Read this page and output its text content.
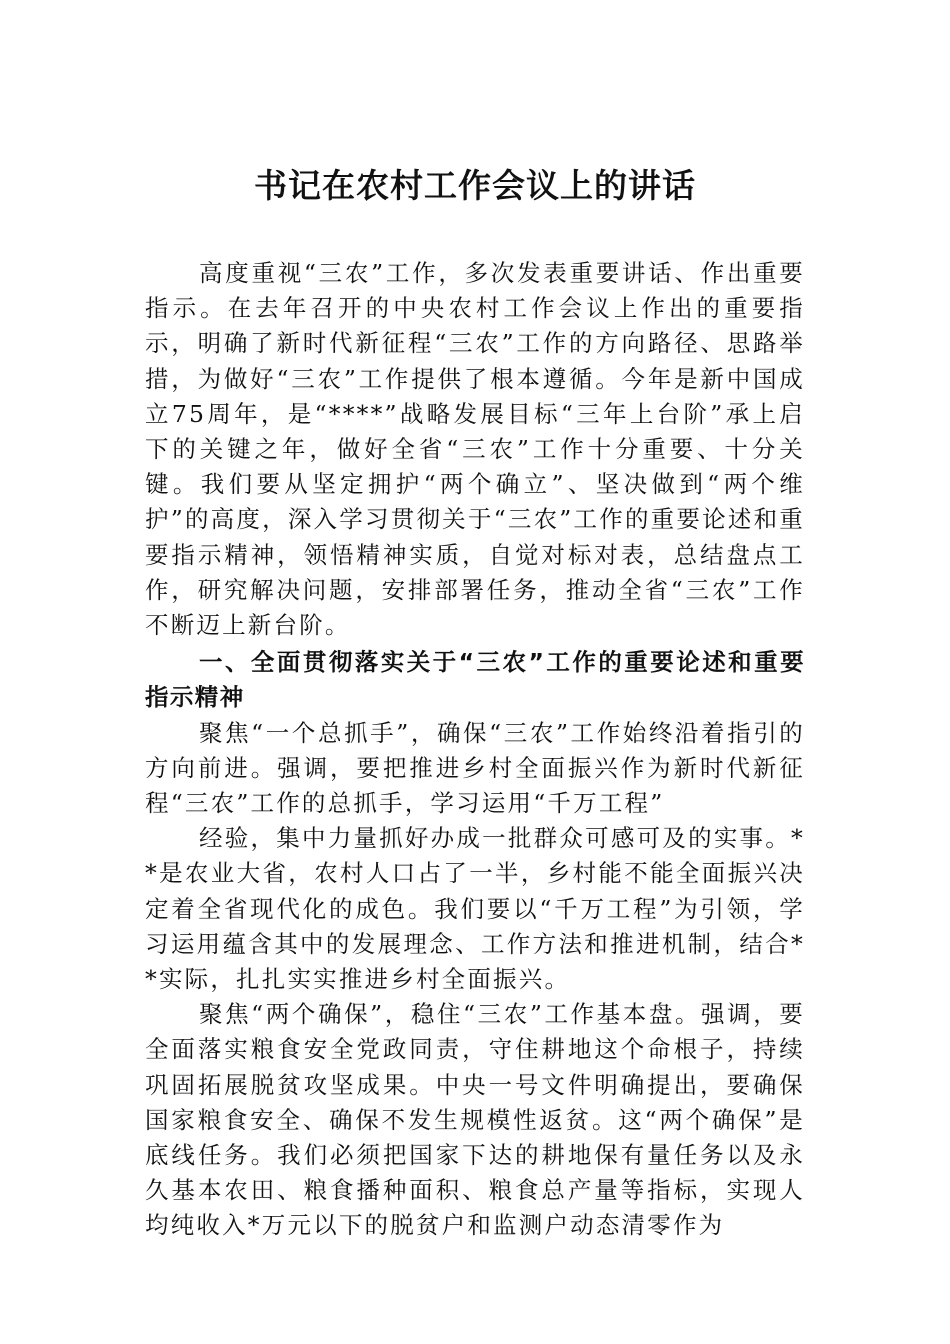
书记在农村工作会议上的讲话

高度重视“三农”工作，多次发表重要讲话、作出重要指示。在去年召开的中央农村工作会议上作出的重要指示，明确了新时代新征程“三农”工作的方向路径、思路举措，为做好“三农”工作提供了根本遵循。今年是新中国成立75周年，是“****”战略发展目标“三年上台阶”承上启下的关键之年，做好全省“三农”工作十分重要、十分关键。我们要从坚定拥护“两个确立”、坚决做到“两个维护”的高度，深入学习贯彻关于“三农”工作的重要论述和重要指示精神，领悟精神实质，自觉对标对表，总结盘点工作，研究解决问题，安排部署任务，推动全省“三农”工作不断迈上新台阶。

一、全面贯彻落实关于“三农”工作的重要论述和重要指示精神

聚焦“一个总抓手”，确保“三农”工作始终沿着指引的方向前进。强调，要把推进乡村全面振兴作为新时代新征程“三农”工作的总抓手，学习运用“千万工程”

经验，集中力量抓好办成一批群众可感可及的实事。**是农业大省，农村人口占了一半，乡村能不能全面振兴决定着全省现代化的成色。我们要以“千万工程”为引领，学习运用蕴含其中的发展理念、工作方法和推进机制，结合**实际，扎扎实实推进乡村全面振兴。

聚焦“两个确保”，稳住“三农”工作基本盘。强调，要全面落实粮食安全党政同责，守住耕地这个命根子，持续巩固拓展脱贫攻坚成果。中央一号文件明确提出，要确保国家粮食安全、确保不发生规模性返贫。这“两个确保”是底线任务。我们必须把国家下达的耕地保有量任务以及永久基本农田、粮食播种面积、粮食总产量等指标，实现人均纯收入*万元以下的脱贫户和监测户动态清零作为
